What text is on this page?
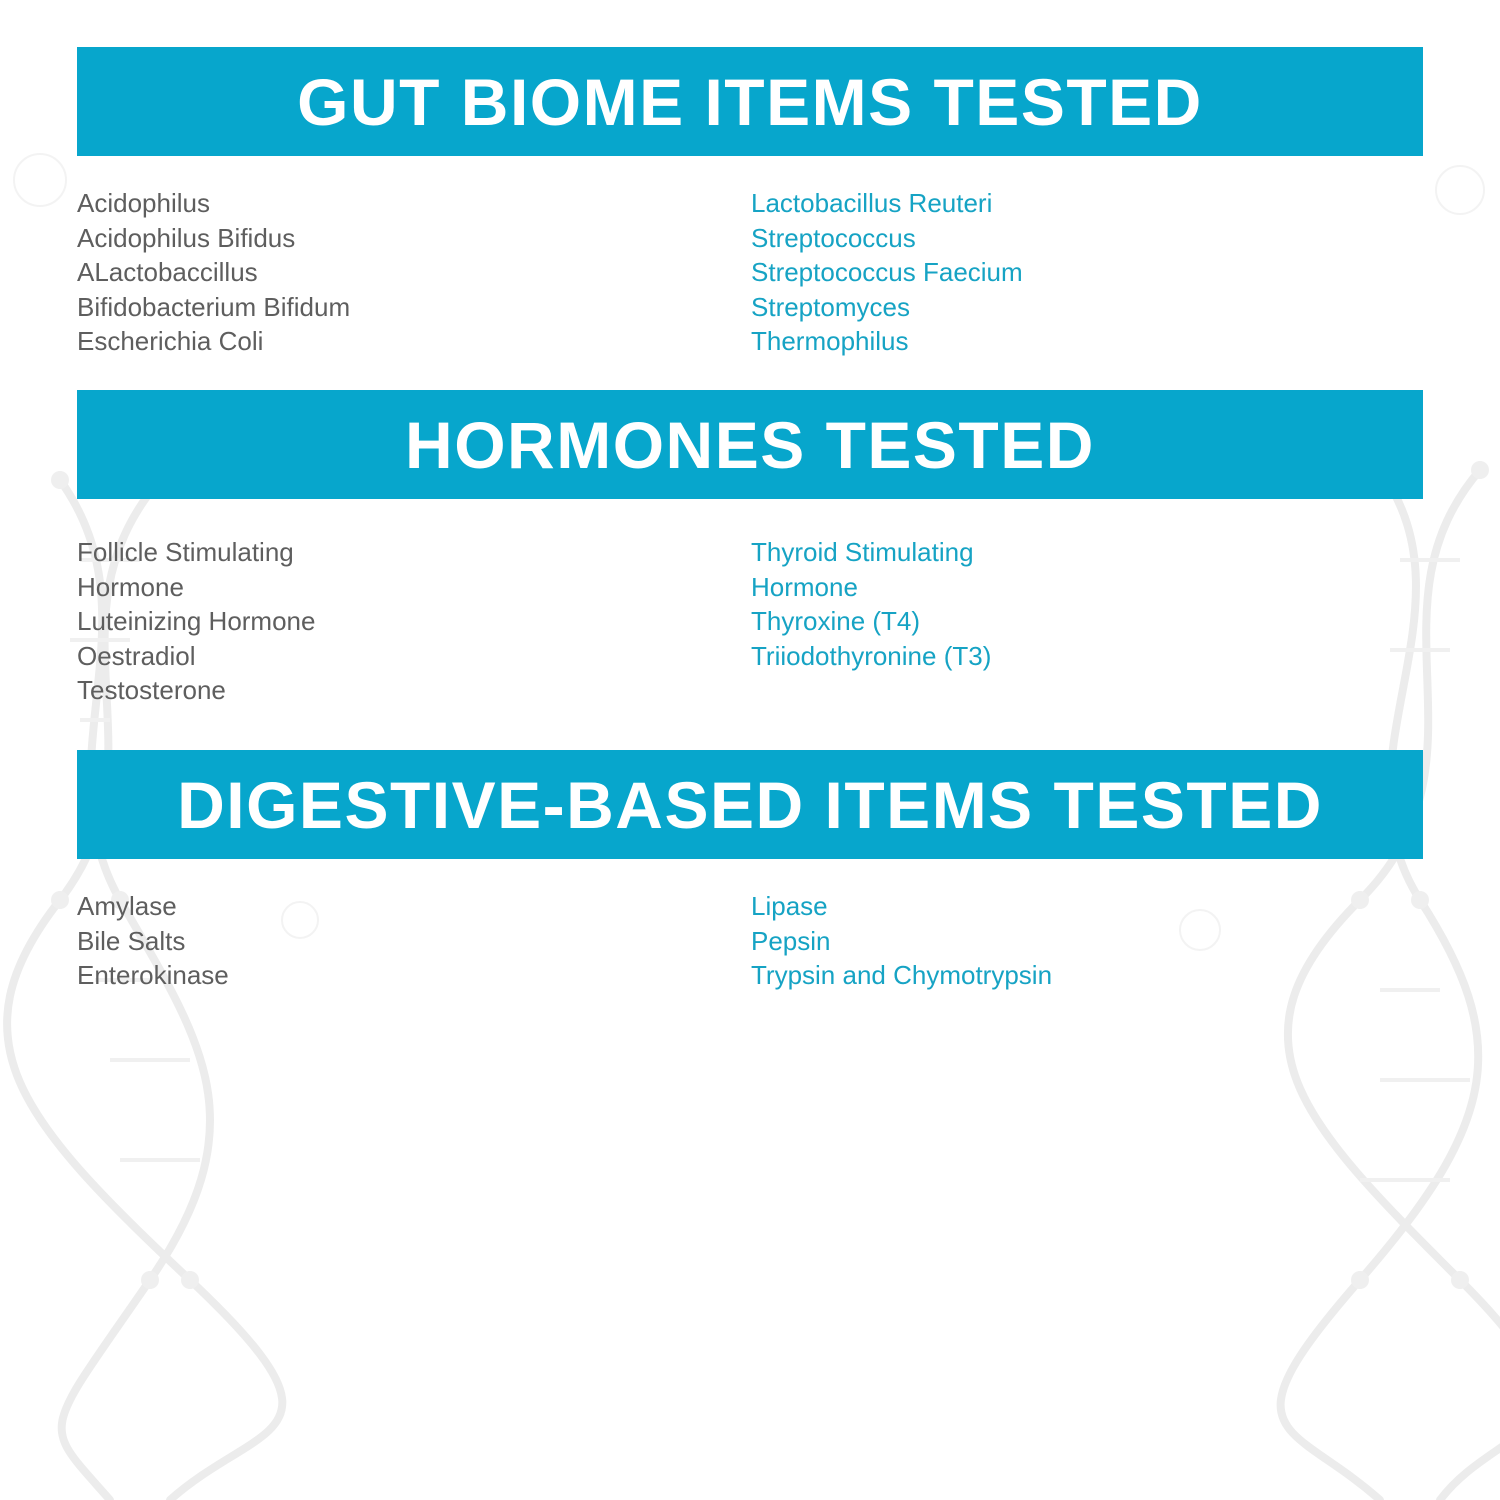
GUT BIOME ITEMS TESTED
Acidophilus
Acidophilus Bifidus
ALactobaccillus
Bifidobacterium Bifidum
Escherichia Coli
Lactobacillus Reuteri
Streptococcus
Streptococcus Faecium
Streptomyces
Thermophilus
HORMONES TESTED
Follicle Stimulating
Hormone
Luteinizing Hormone
Oestradiol
Testosterone
Thyroid Stimulating
Hormone
Thyroxine (T4)
Triiodothyronine (T3)
DIGESTIVE-BASED ITEMS TESTED
Amylase
Bile Salts
Enterokinase
Lipase
Pepsin
Trypsin and Chymotrypsin
